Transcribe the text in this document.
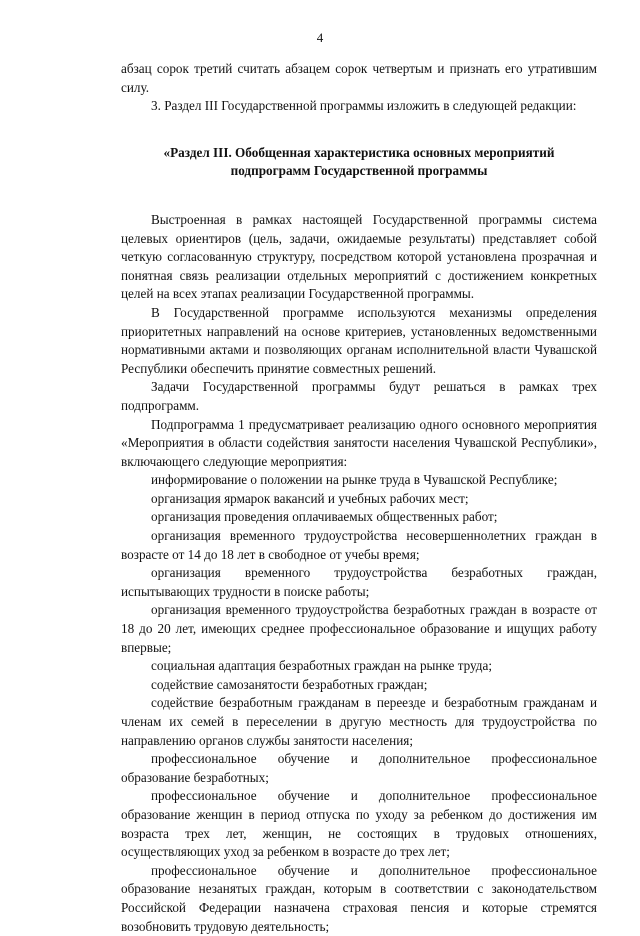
4

абзац сорок третий считать абзацем сорок четвертым и признать его утратившим силу.

3. Раздел III Государственной программы изложить в следующей редакции:

«Раздел III. Обобщенная характеристика основных мероприятий
подпрограмм Государственной программы

Выстроенная в рамках настоящей Государственной программы система целевых ориентиров (цель, задачи, ожидаемые результаты) представляет собой четкую согласованную структуру, посредством которой установлена прозрачная и понятная связь реализации отдельных мероприятий с достижением конкретных целей на всех этапах реализации Государственной программы.

В Государственной программе используются механизмы определения приоритетных направлений на основе критериев, установленных ведомственными нормативными актами и позволяющих органам исполнительной власти Чувашской Республики обеспечить принятие совместных решений.

Задачи Государственной программы будут решаться в рамках трех подпрограмм.

Подпрограмма 1 предусматривает реализацию одного основного мероприятия «Мероприятия в области содействия занятости населения Чувашской Республики», включающего следующие мероприятия:

информирование о положении на рынке труда в Чувашской Республике;

организация ярмарок вакансий и учебных рабочих мест;

организация проведения оплачиваемых общественных работ;

организация временного трудоустройства несовершеннолетних граждан в возрасте от 14 до 18 лет в свободное от учебы время;

организация временного трудоустройства безработных граждан, испытывающих трудности в поиске работы;

организация временного трудоустройства безработных граждан в возрасте от 18 до 20 лет, имеющих среднее профессиональное образование и ищущих работу впервые;

социальная адаптация безработных граждан на рынке труда;

содействие самозанятости безработных граждан;

содействие безработным гражданам в переезде и безработным гражданам и членам их семей в переселении в другую местность для трудоустройства по направлению органов службы занятости населения;

профессиональное обучение и дополнительное профессиональное образование безработных;

профессиональное обучение и дополнительное профессиональное образование женщин в период отпуска по уходу за ребенком до достижения им возраста трех лет, женщин, не состоящих в трудовых отношениях, осуществляющих уход за ребенком в возрасте до трех лет;

профессиональное обучение и дополнительное профессиональное образование незанятых граждан, которым в соответствии с законодательством Российской Федерации назначена страховая пенсия и которые стремятся возобновить трудовую деятельность;
